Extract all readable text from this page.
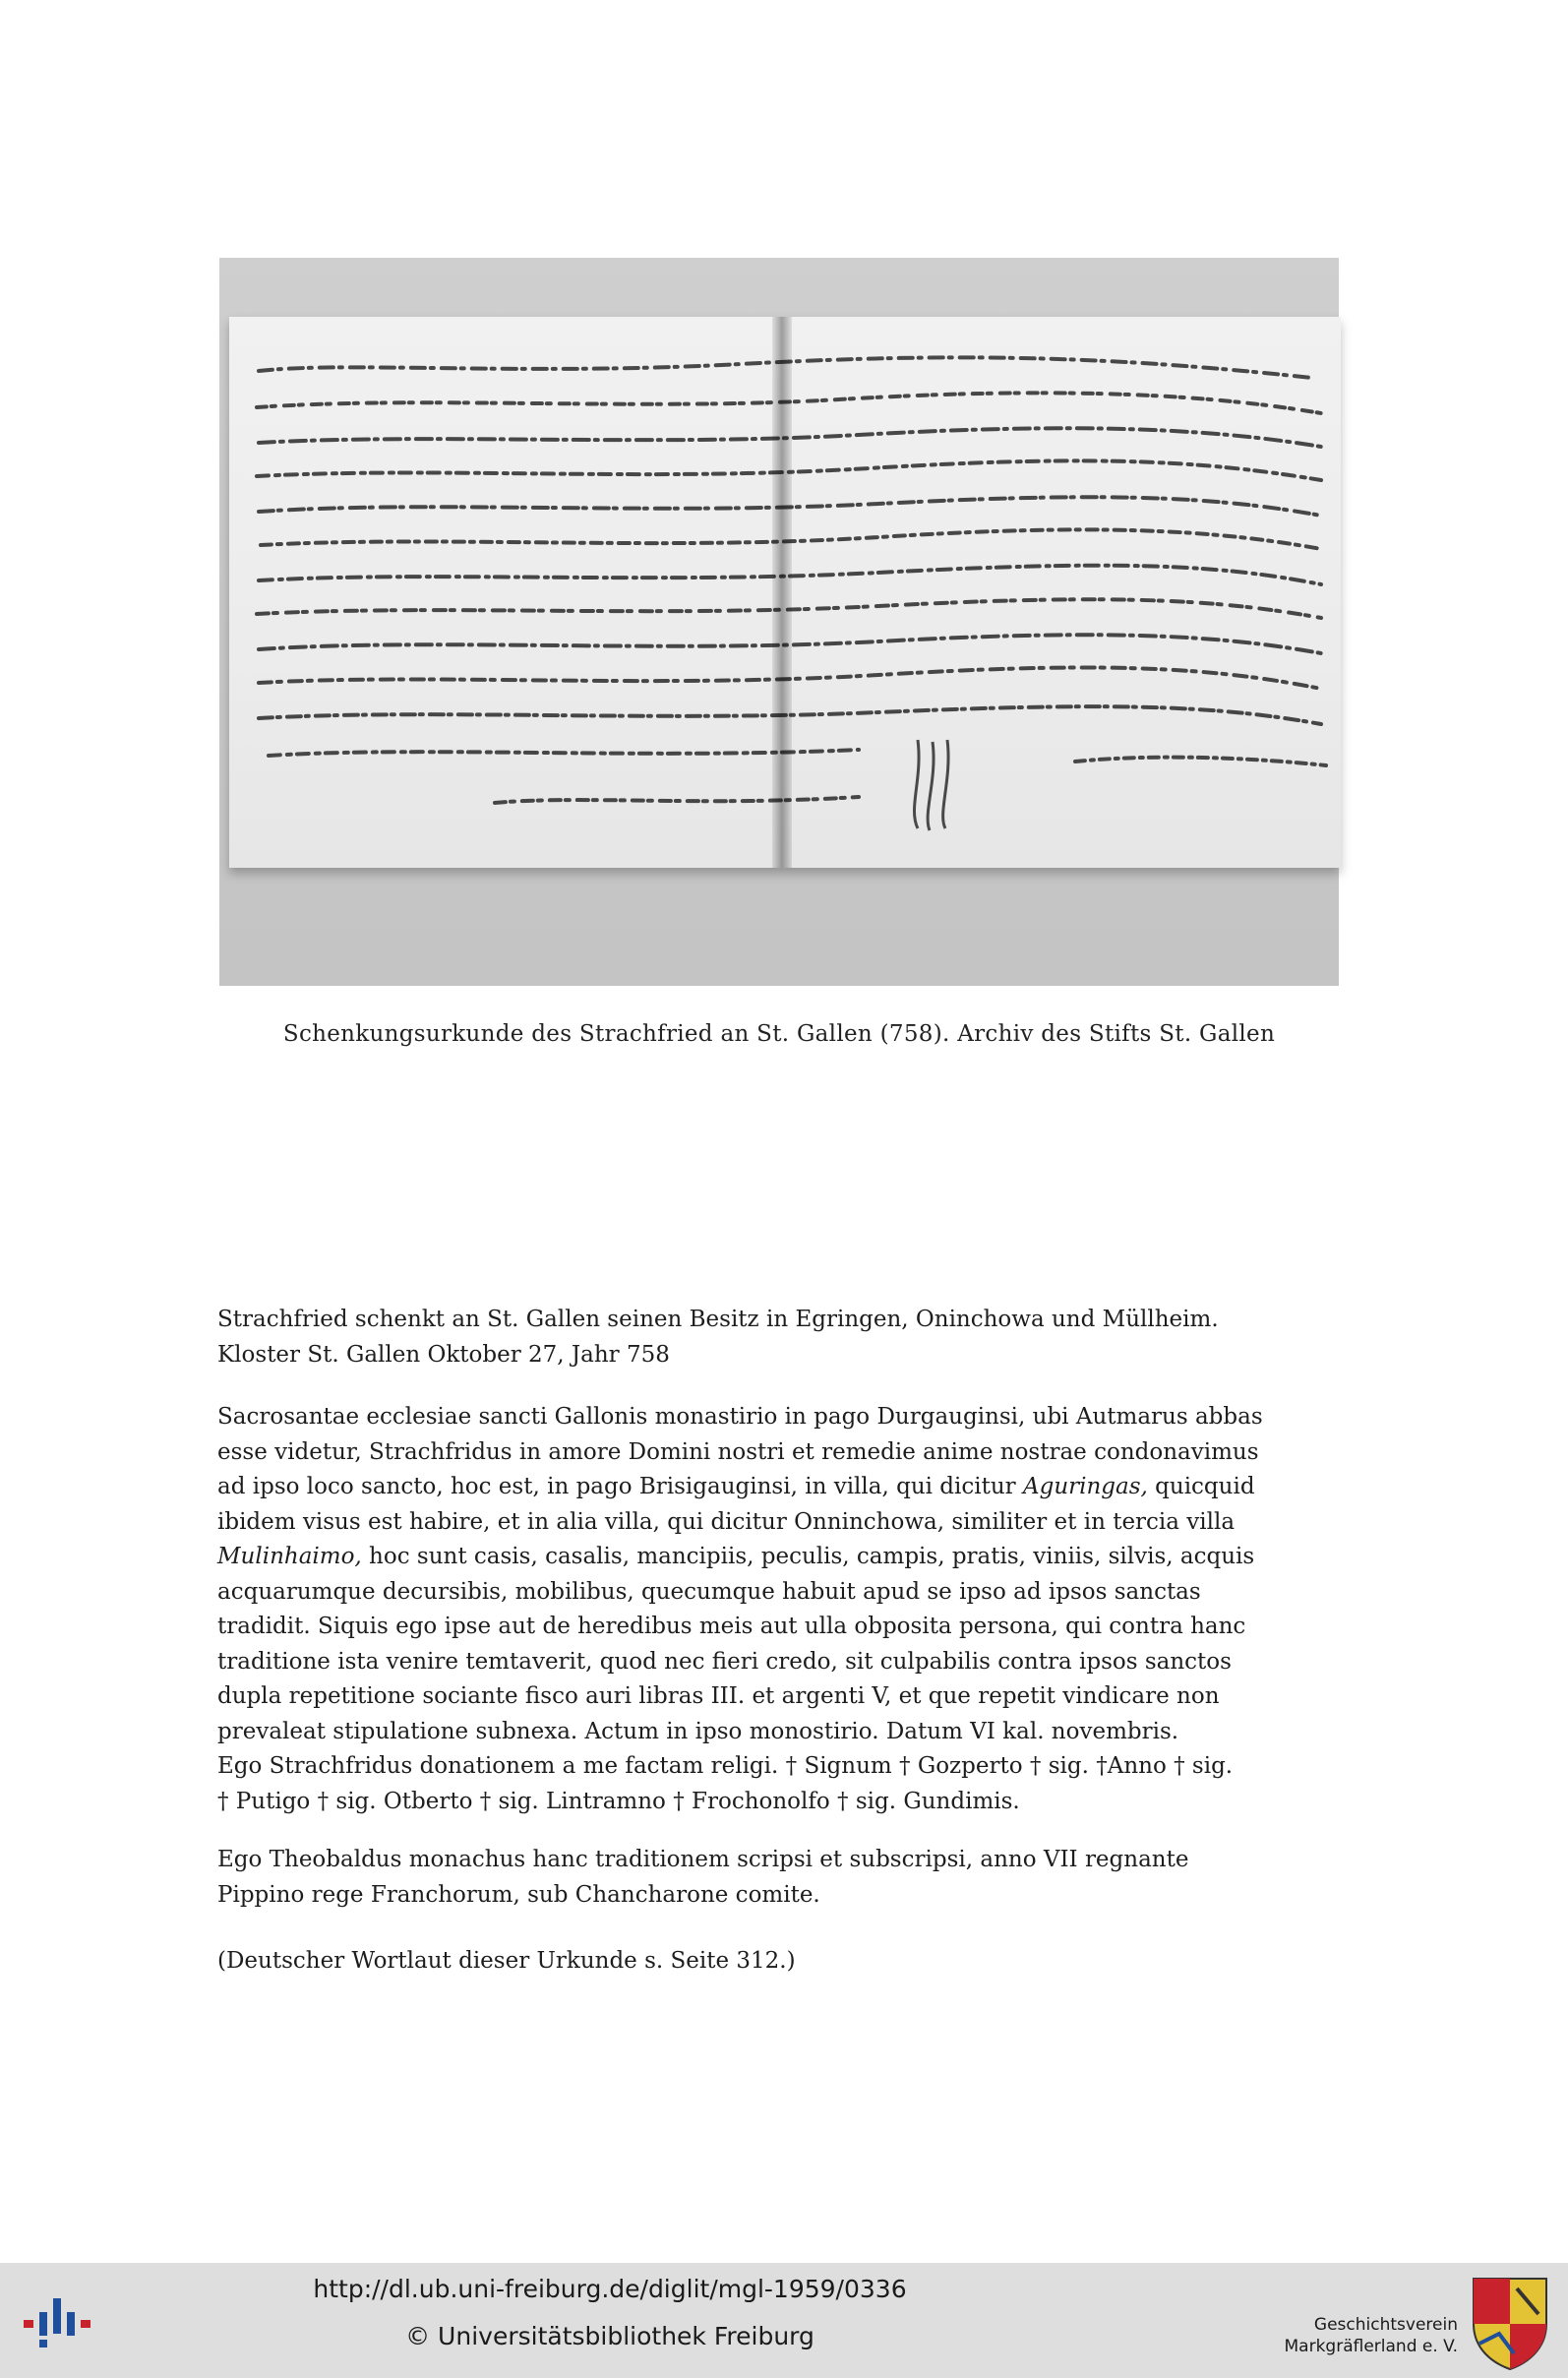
Schenkungsurkunde des Strachfried an St. Gallen (758). Archiv des Stifts St. Gallen
Strachfried schenkt an St. Gallen seinen Besitz in Egringen, Oninchowa und Müllheim.
Kloster St. Gallen Oktober 27, Jahr 758
Sacrosantae ecclesiae sancti Gallonis monastirio in pago Durgauginsi, ubi Autmarus abbas
esse videtur, Strachfridus in amore Domini nostri et remedie anime nostrae condonavimus
ad ipso loco sancto, hoc est, in pago Brisigauginsi, in villa, qui dicitur Aguringas, quicquid
ibidem visus est habire, et in alia villa, qui dicitur Onninchowa, similiter et in tercia villa
Mulinhaimo, hoc sunt casis, casalis, mancipiis, peculis, campis, pratis, viniis, silvis, acquis
acquarumque decursibis, mobilibus, quecumque habuit apud se ipso ad ipsos sanctas
tradidit. Siquis ego ipse aut de heredibus meis aut ulla obposita persona, qui contra hanc
traditione ista venire temtaverit, quod nec fieri credo, sit culpabilis contra ipsos sanctos
dupla repetitione sociante fisco auri libras III. et argenti V, et que repetit vindicare non
prevaleat stipulatione subnexa. Actum in ipso monostirio. Datum VI kal. novembris.
Ego Strachfridus donationem a me factam religi. † Signum † Gozperto † sig. †Anno † sig.
† Putigo † sig. Otberto † sig. Lintramno † Frochonolfo † sig. Gundimis.
Ego Theobaldus monachus hanc traditionem scripsi et subscripsi, anno VII regnante
Pippino rege Franchorum, sub Chancharone comite.
(Deutscher Wortlaut dieser Urkunde s. Seite 312.)
http://dl.ub.uni-freiburg.de/diglit/mgl-1959/0336
© Universitätsbibliothek Freiburg	Geschichtsverein
Markgräflerland e. V.
